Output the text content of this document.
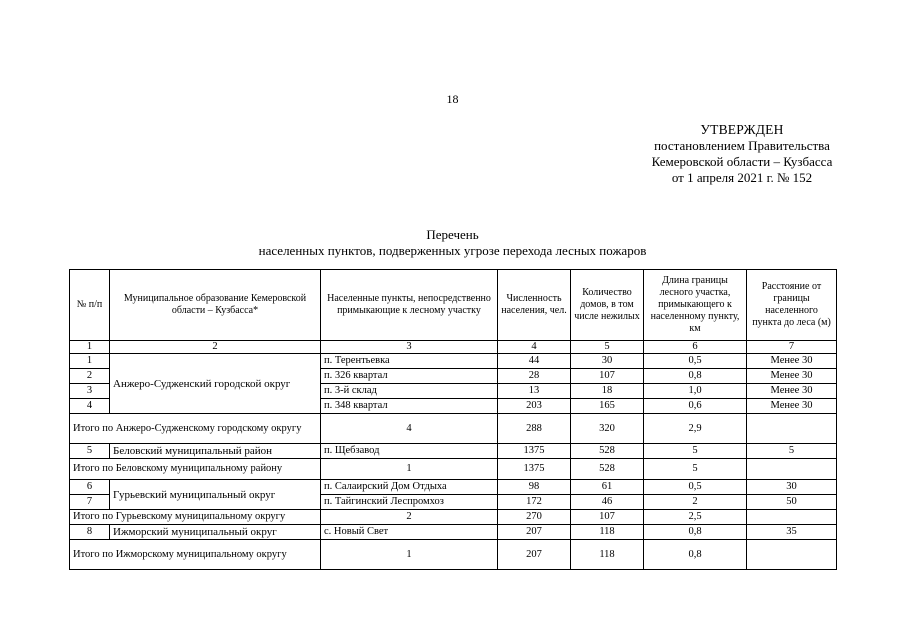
18
УТВЕРЖДЕН
постановлением Правительства
Кемеровской области – Кузбасса
от 1 апреля 2021 г. № 152
Перечень
населенных пунктов, подверженных угрозе перехода лесных пожаров
№ п/п	Муниципальное образование Кемеровской области – Кузбасса*	Населенные пункты, непосредственно примыкающие к лесному участку	Численность населения, чел.	Количество домов, в том числе нежилых	Длина границы лесного участка, примыкающего к населенному пункту, км	Расстояние от границы населенного пункта до леса (м)
1	2	3	4	5	6	7
1	Анжеро-Судженский городской округ	п. Терентьевка	44	30	0,5	Менее 30
2		п. 326 квартал	28	107	0,8	Менее 30
3		п. 3-й склад	13	18	1,0	Менее 30
4		п. 348 квартал	203	165	0,6	Менее 30
Итого по Анжеро-Судженскому городскому округу		4	288	320	2,9	
5	Беловский муниципальный район	п. Щебзавод	1375	528	5	5
Итого по Беловскому муниципальному району		1	1375	528	5	
6	Гурьевский муниципальный округ	п. Салаирский Дом Отдыха	98	61	0,5	30
7		п. Тайгинский Леспромхоз	172	46	2	50
Итого по Гурьевскому муниципальному округу		2	270	107	2,5	
8	Ижморский муниципальный округ	с. Новый Свет	207	118	0,8	35
Итого по Ижморскому муниципальному округу		1	207	118	0,8	
